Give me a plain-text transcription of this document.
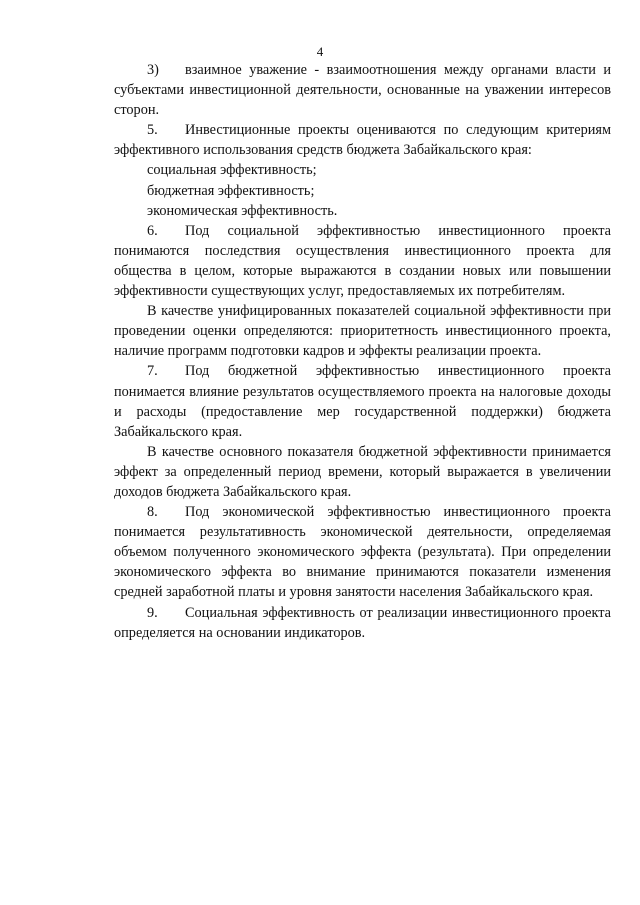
4

3) взаимное уважение - взаимоотношения между органами власти и субъектами инвестиционной деятельности, основанные на уважении интересов сторон.

5. Инвестиционные проекты оцениваются по следующим критериям эффективного использования средств бюджета Забайкальского края:

социальная эффективность;

бюджетная эффективность;

экономическая эффективность.

6. Под социальной эффективностью инвестиционного проекта понимаются последствия осуществления инвестиционного проекта для общества в целом, которые выражаются в создании новых или повышении эффективности существующих услуг, предоставляемых их потребителям.

В качестве унифицированных показателей социальной эффективности при проведении оценки определяются: приоритетность инвестиционного проекта, наличие программ подготовки кадров и эффекты реализации проекта.

7. Под бюджетной эффективностью инвестиционного проекта понимается влияние результатов осуществляемого проекта на налоговые доходы и расходы (предоставление мер государственной поддержки) бюджета Забайкальского края.

В качестве основного показателя бюджетной эффективности принимается эффект за определенный период времени, который выражается в увеличении доходов бюджета Забайкальского края.

8. Под экономической эффективностью инвестиционного проекта понимается результативность экономической деятельности, определяемая объемом полученного экономического эффекта (результата). При определении экономического эффекта во внимание принимаются показатели изменения средней заработной платы и уровня занятости населения Забайкальского края.

9. Социальная эффективность от реализации инвестиционного проекта определяется на основании индикаторов.
